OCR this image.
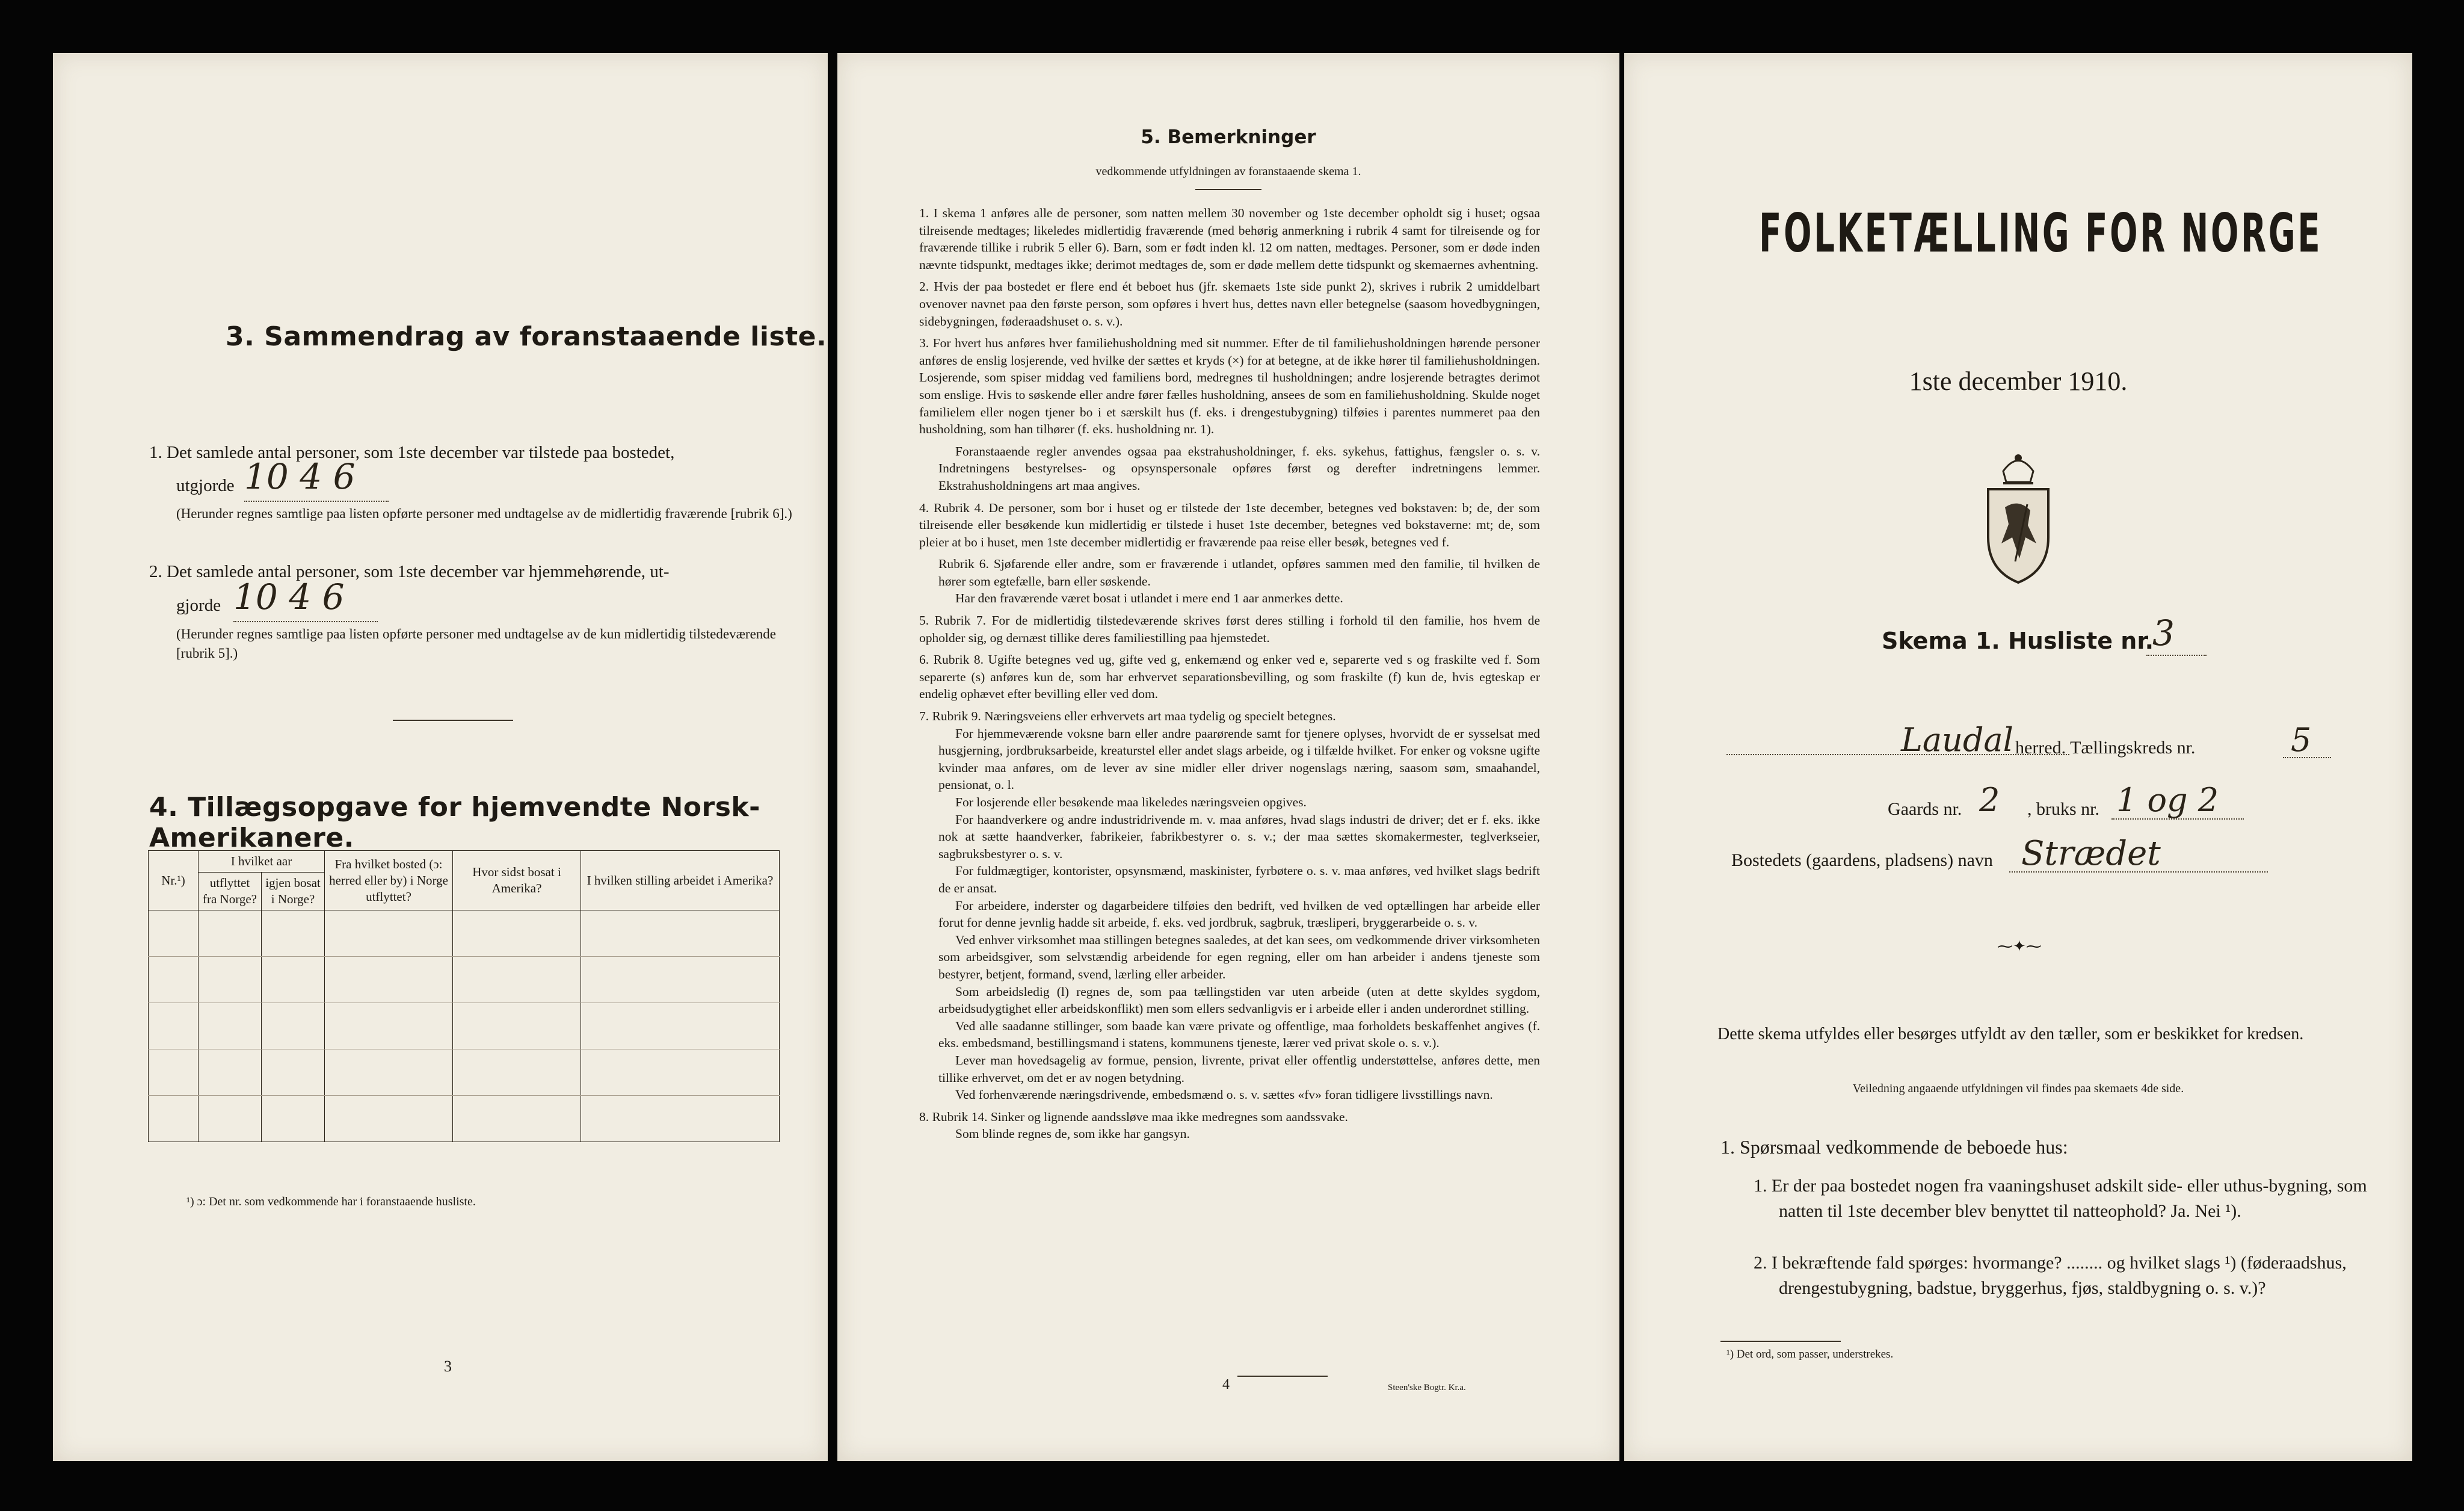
3. Sammendrag av foranstaaende liste.
1. Det samlede antal personer, som 1ste december var tilstede paa bostedet,
utgjorde 10 4 6
(Herunder regnes samtlige paa listen opførte personer med undtagelse av de midlertidig fraværende [rubrik 6].)
2. Det samlede antal personer, som 1ste december var hjemmehørende, ut-
gjorde 10 4 6
(Herunder regnes samtlige paa listen opførte personer med undtagelse av de kun midlertidig tilstedeværende [rubrik 5].)
4. Tillægsopgave for hjemvendte Norsk-Amerikanere.
Nr.¹)	I hvilket aar		Fra hvilket bosted (ɔ: herred eller by) i Norge utflyttet?	Hvor sidst bosat i Amerika?	I hvilken stilling arbeidet i Amerika?
	utflyttet fra Norge?	igjen bosat i Norge?			

¹) ɔ: Det nr. som vedkommende har i foranstaaende husliste.
3
5. Bemerkninger
vedkommende utfyldningen av foranstaaende skema 1.

1. I skema 1 anføres alle de personer, som natten mellem 30 november og 1ste december opholdt sig i huset; ogsaa tilreisende medtages; likeledes midlertidig fraværende (med behørig anmerkning i rubrik 4 samt for tilreisende og for fraværende tillike i rubrik 5 eller 6). Barn, som er født inden kl. 12 om natten, medtages. Personer, som er døde inden nævnte tidspunkt, medtages ikke; derimot medtages de, som er døde mellem dette tidspunkt og skemaernes avhentning.

2. Hvis der paa bostedet er flere end ét beboet hus (jfr. skemaets 1ste side punkt 2), skrives i rubrik 2 umiddelbart ovenover navnet paa den første person, som opføres i hvert hus, dettes navn eller betegnelse (saasom hovedbygningen, sidebygningen, føderaadshuset o. s. v.).

3. For hvert hus anføres hver familiehusholdning med sit nummer. Efter de til familiehusholdningen hørende personer anføres de enslig losjerende, ved hvilke der sættes et kryds (×) for at betegne, at de ikke hører til familiehusholdningen. Losjerende, som spiser middag ved familiens bord, medregnes til husholdningen; andre losjerende betragtes derimot som enslige. Hvis to søskende eller andre fører fælles husholdning, ansees de som en familiehusholdning. Skulde noget familielem eller nogen tjener bo i et særskilt hus (f. eks. i drengestubygning) tilføies i parentes nummeret paa den husholdning, som han tilhører (f. eks. husholdning nr. 1).

Foranstaaende regler anvendes ogsaa paa ekstrahusholdninger, f. eks. sykehus, fattighus, fængsler o. s. v. Indretningens bestyrelses- og opsynspersonale opføres først og derefter indretningens lemmer. Ekstrahusholdningens art maa angives.

4. Rubrik 4. De personer, som bor i huset og er tilstede der 1ste december, betegnes ved bokstaven: b; de, der som tilreisende eller besøkende kun midlertidig er tilstede i huset 1ste december, betegnes ved bokstaverne: mt; de, som pleier at bo i huset, men 1ste december midlertidig er fraværende paa reise eller besøk, betegnes ved f.

Rubrik 6. Sjøfarende eller andre, som er fraværende i utlandet, opføres sammen med den familie, til hvilken de hører som egtefælle, barn eller søskende.

Har den fraværende været bosat i utlandet i mere end 1 aar anmerkes dette.

5. Rubrik 7. For de midlertidig tilstedeværende skrives først deres stilling i forhold til den familie, hos hvem de opholder sig, og dernæst tillike deres familiestilling paa hjemstedet.

6. Rubrik 8. Ugifte betegnes ved ug, gifte ved g, enkemænd og enker ved e, separerte ved s og fraskilte ved f. Som separerte (s) anføres kun de, som har erhvervet separationsbevilling, og som fraskilte (f) kun de, hvis egteskap er endelig ophævet efter bevilling eller ved dom.

7. Rubrik 9. Næringsveiens eller erhvervets art maa tydelig og specielt betegnes.

For hjemmeværende voksne barn eller andre paarørende samt for tjenere oplyses, hvorvidt de er sysselsat med husgjerning, jordbruksarbeide, kreaturstel eller andet slags arbeide, og i tilfælde hvilket. For enker og voksne ugifte kvinder maa anføres, om de lever av sine midler eller driver nogenslags næring, saasom søm, smaahandel, pensionat, o. l.

For losjerende eller besøkende maa likeledes næringsveien opgives.

For haandverkere og andre industridrivende m. v. maa anføres, hvad slags industri de driver; det er f. eks. ikke nok at sætte haandverker, fabrikeier, fabrikbestyrer o. s. v.; der maa sættes skomakermester, teglverkseier, sagbruksbestyrer o. s. v.

For fuldmægtiger, kontorister, opsynsmænd, maskinister, fyrbøtere o. s. v. maa anføres, ved hvilket slags bedrift de er ansat.

For arbeidere, inderster og dagarbeidere tilføies den bedrift, ved hvilken de ved optællingen har arbeide eller forut for denne jevnlig hadde sit arbeide, f. eks. ved jordbruk, sagbruk, træsliperi, bryggerarbeide o. s. v.

Ved enhver virksomhet maa stillingen betegnes saaledes, at det kan sees, om vedkommende driver virksomheten som arbeidsgiver, som selvstændig arbeidende for egen regning, eller om han arbeider i andens tjeneste som bestyrer, betjent, formand, svend, lærling eller arbeider.

Som arbeidsledig (l) regnes de, som paa tællingstiden var uten arbeide (uten at dette skyldes sygdom, arbeidsudygtighet eller arbeidskonflikt) men som ellers sedvanligvis er i arbeide eller i anden underordnet stilling.

Ved alle saadanne stillinger, som baade kan være private og offentlige, maa forholdets beskaffenhet angives (f. eks. embedsmand, bestillingsmand i statens, kommunens tjeneste, lærer ved privat skole o. s. v.).

Lever man hovedsagelig av formue, pension, livrente, privat eller offentlig understøttelse, anføres dette, men tillike erhvervet, om det er av nogen betydning.

Ved forhenværende næringsdrivende, embedsmænd o. s. v. sættes «fv» foran tidligere livsstillings navn.

8. Rubrik 14. Sinker og lignende aandssløve maa ikke medregnes som aandssvake.

Som blinde regnes de, som ikke har gangsyn.

4	Steen'ske Bogtr. Kr.a.
FOLKETÆLLING FOR NORGE
1ste december 1910.
Skema 1. Husliste nr.
3
Laudal herred. Tællingskreds nr.	5
Gaards nr. 2 , bruks nr. 1 og 2
Bostedets (gaardens, pladsens) navn Strædet
⁓✦⁓
Dette skema utfyldes eller besørges utfyldt av den tæller, som er beskikket for kredsen.
Veiledning angaaende utfyldningen vil findes paa skemaets 4de side.
1. Spørsmaal vedkommende de beboede hus:
1. Er der paa bostedet nogen fra vaaningshuset adskilt side- eller uthus-bygning, som natten til 1ste december blev benyttet til natteophold? Ja. Nei ¹).
2. I bekræftende fald spørges: hvormange? ........ og hvilket slags ¹) (føderaadshus, drengestubygning, badstue, bryggerhus, fjøs, staldbygning o. s. v.)?
¹) Det ord, som passer, understrekes.
